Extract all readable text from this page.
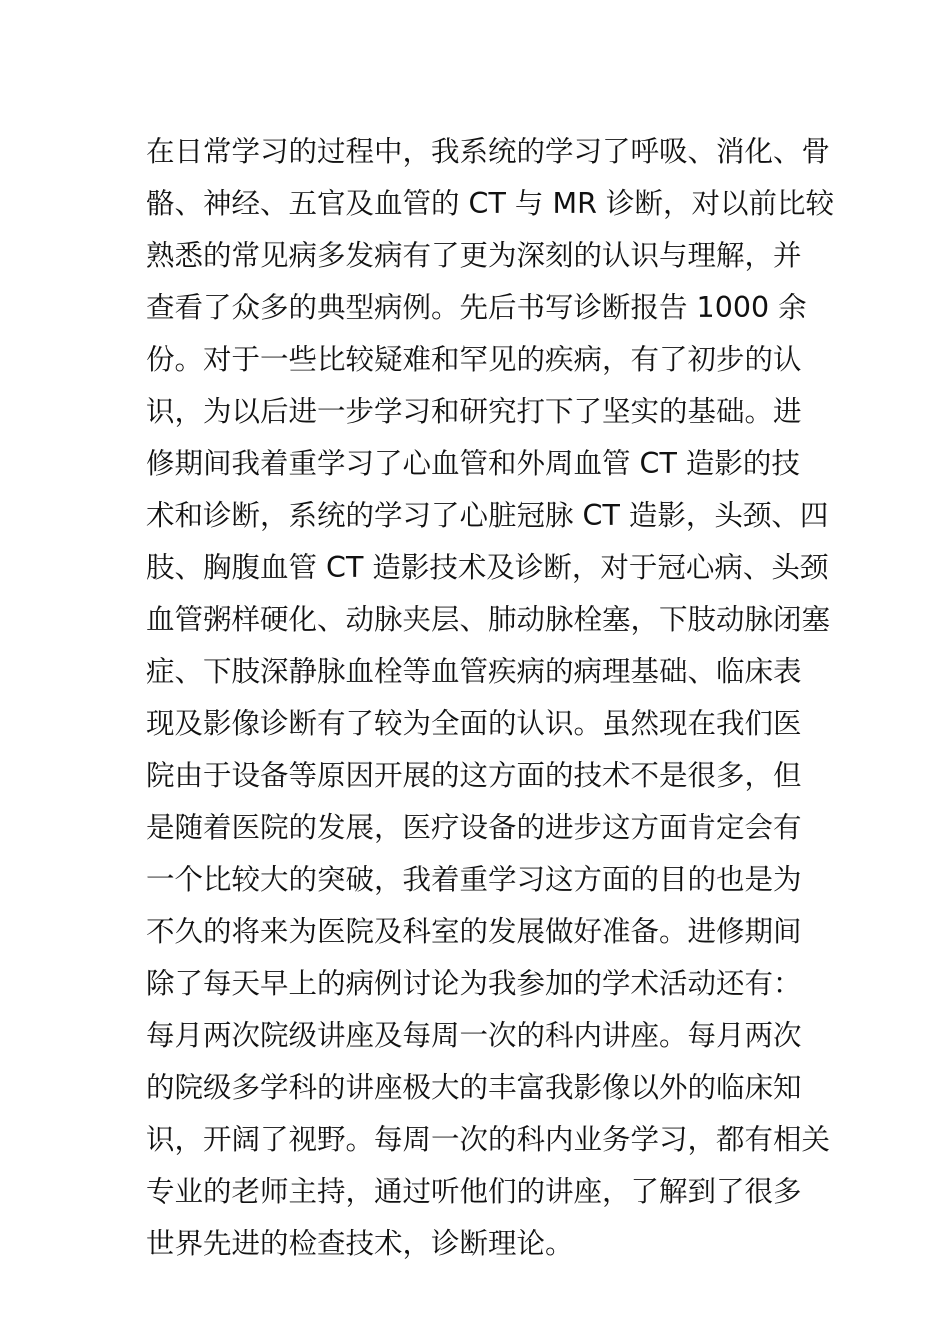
在日常学习的过程中，我系统的学习了呼吸、消化、骨
骼、神经、五官及血管的 CT 与 MR 诊断，对以前比较
熟悉的常见病多发病有了更为深刻的认识与理解，并
查看了众多的典型病例。先后书写诊断报告 1000 余
份。对于一些比较疑难和罕见的疾病，有了初步的认
识，为以后进一步学习和研究打下了坚实的基础。进
修期间我着重学习了心血管和外周血管 CT 造影的技
术和诊断，系统的学习了心脏冠脉 CT 造影，头颈、四
肢、胸腹血管 CT 造影技术及诊断，对于冠心病、头颈
血管粥样硬化、动脉夹层、肺动脉栓塞，下肢动脉闭塞
症、下肢深静脉血栓等血管疾病的病理基础、临床表
现及影像诊断有了较为全面的认识。虽然现在我们医
院由于设备等原因开展的这方面的技术不是很多，但
是随着医院的发展，医疗设备的进步这方面肯定会有
一个比较大的突破，我着重学习这方面的目的也是为
不久的将来为医院及科室的发展做好准备。进修期间
除了每天早上的病例讨论为我参加的学术活动还有：
每月两次院级讲座及每周一次的科内讲座。每月两次
的院级多学科的讲座极大的丰富我影像以外的临床知
识，开阔了视野。每周一次的科内业务学习，都有相关
专业的老师主持，通过听他们的讲座，了解到了很多
世界先进的检查技术，诊断理论。
